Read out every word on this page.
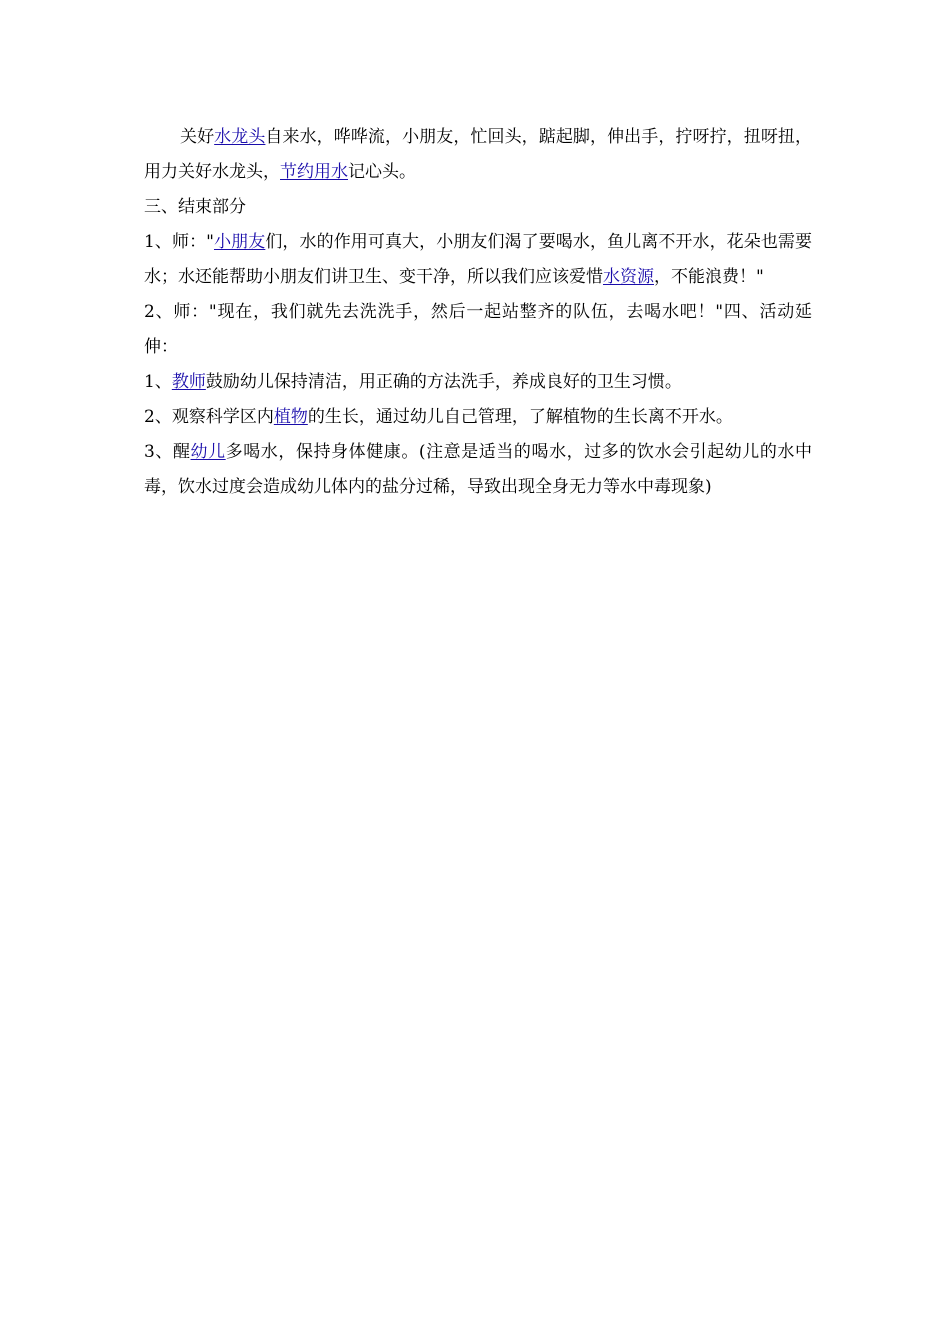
关好水龙头自来水，哗哗流，小朋友，忙回头，踮起脚，伸出手，拧呀拧，扭呀扭，用力关好水龙头，节约用水记心头。

三、结束部分

1、师："小朋友们，水的作用可真大，小朋友们渴了要喝水，鱼儿离不开水，花朵也需要水；水还能帮助小朋友们讲卫生、变干净，所以我们应该爱惜水资源，不能浪费！"

2、师："现在，我们就先去洗洗手，然后一起站整齐的队伍，去喝水吧！"四、活动延伸：

1、教师鼓励幼儿保持清洁，用正确的方法洗手，养成良好的卫生习惯。

2、观察科学区内植物的生长，通过幼儿自己管理，了解植物的生长离不开水。

3、醒幼儿多喝水，保持身体健康。(注意是适当的喝水，过多的饮水会引起幼儿的水中毒，饮水过度会造成幼儿体内的盐分过稀，导致出现全身无力等水中毒现象)
